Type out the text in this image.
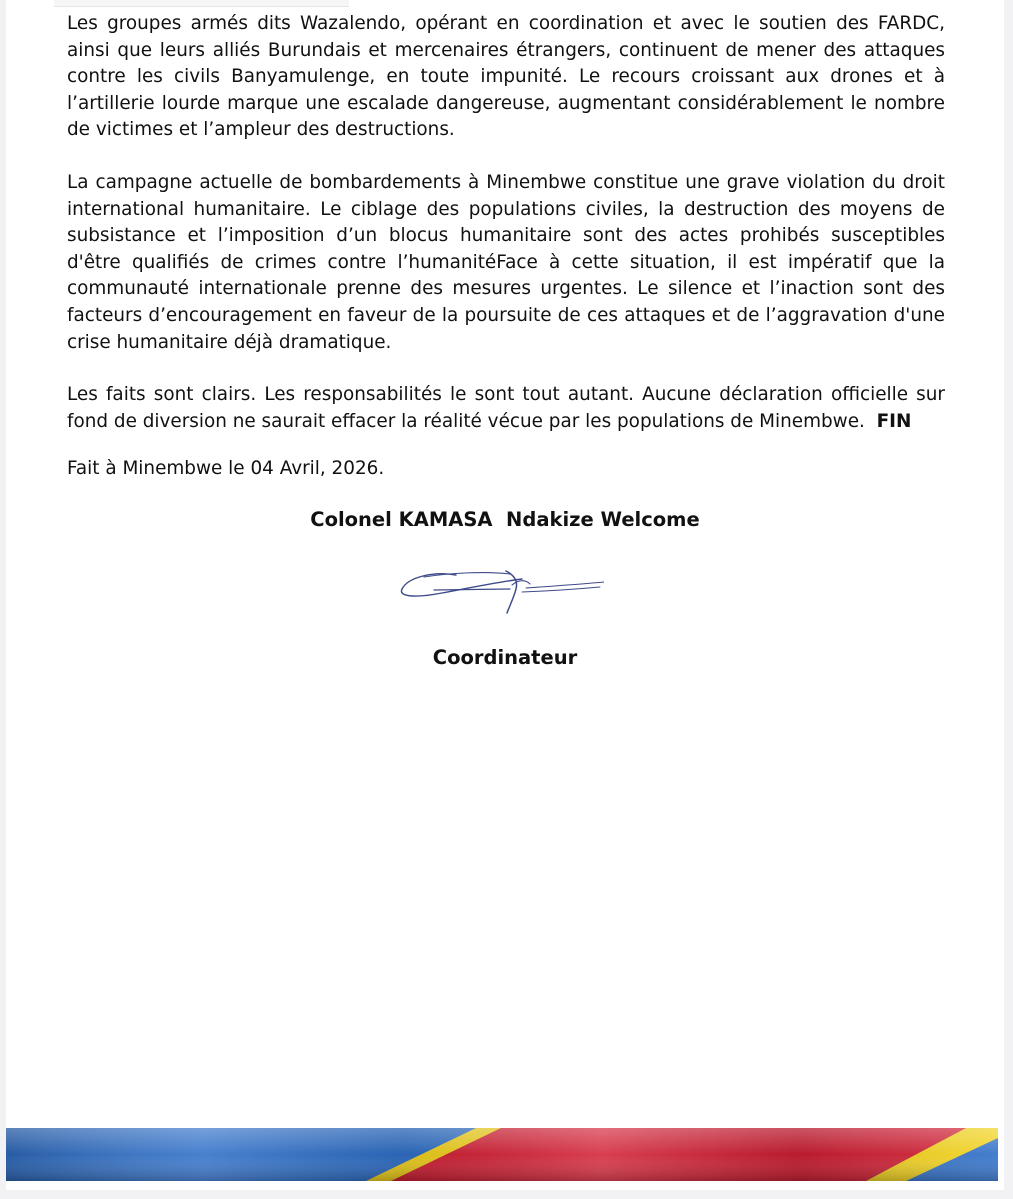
Les groupes armés dits Wazalendo, opérant en coordination et avec le soutien des FARDC, ainsi que leurs alliés Burundais et mercenaires étrangers, continuent de mener des attaques contre les civils Banyamulenge, en toute impunité. Le recours croissant aux drones et à l’artillerie lourde marque une escalade dangereuse, augmentant considérablement le nombre de victimes et l’ampleur des destructions.

La campagne actuelle de bombardements à Minembwe constitue une grave violation du droit international humanitaire. Le ciblage des populations civiles, la destruction des moyens de subsistance et l’imposition d’un blocus humanitaire sont des actes prohibés susceptibles d'être qualifiés de crimes contre l’humanitéFace à cette situation, il est impératif que la communauté internationale prenne des mesures urgentes. Le silence et l’inaction sont des facteurs d’encouragement en faveur de la poursuite de ces attaques et de l’aggravation d'une crise humanitaire déjà dramatique.

Les faits sont clairs. Les responsabilités le sont tout autant. Aucune déclaration officielle sur fond de diversion ne saurait effacer la réalité vécue par les populations de Minembwe. FIN

Fait à Minembwe le 04 Avril, 2026.

Colonel KAMASA  Ndakize Welcome

Coordinateur
